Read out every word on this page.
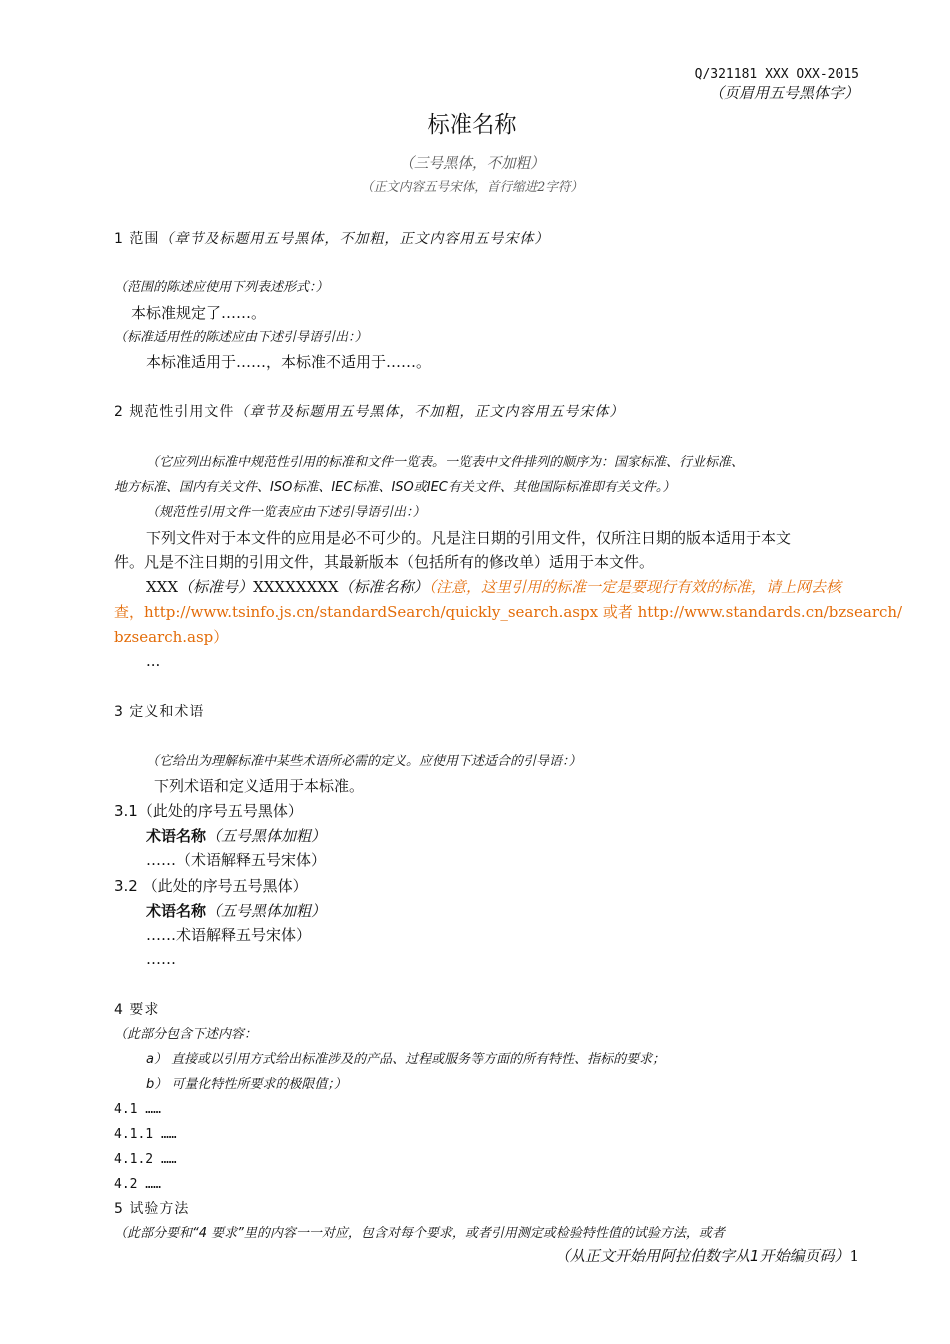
Q/321181 XXX OXX-2015
（页眉用五号黑体字）
标准名称
（三号黑体，不加粗）
（正文内容五号宋体，首行缩进2字符）
1 范围（章节及标题用五号黑体，不加粗，正文内容用五号宋体）
（范围的陈述应使用下列表述形式：）
本标准规定了……。
（标准适用性的陈述应由下述引导语引出：）
本标准适用于……，本标准不适用于……。
2 规范性引用文件（章节及标题用五号黑体，不加粗，正文内容用五号宋体）
（它应列出标准中规范性引用的标准和文件一览表。一览表中文件排列的顺序为：国家标准、行业标准、
地方标准、国内有关文件、ISO标准、IEC标准、ISO或IEC有关文件、其他国际标准即有关文件。）
（规范性引用文件一览表应由下述引导语引出：）
下列文件对于本文件的应用是必不可少的。凡是注日期的引用文件，仅所注日期的版本适用于本文
件。凡是不注日期的引用文件，其最新版本（包括所有的修改单）适用于本文件。
XXX（标准号）XXXXXXXX（标准名称）（注意，这里引用的标准一定是要现行有效的标准，请上网去核
查，http://www.tsinfo.js.cn/standardSearch/quickly_search.aspx 或者 http://www.standards.cn/bzsearch/
bzsearch.asp）
...
3 定义和术语
（它给出为理解标准中某些术语所必需的定义。应使用下述适合的引导语：）
下列术语和定义适用于本标准。
3.1（此处的序号五号黑体）
术语名称（五号黑体加粗）
……（术语解释五号宋体）
3.2 （此处的序号五号黑体）
术语名称（五号黑体加粗）
……术语解释五号宋体）
……
4 要求
（此部分包含下述内容：
a） 直接或以引用方式给出标准涉及的产品、过程或服务等方面的所有特性、指标的要求；
b） 可量化特性所要求的极限值；）
4.1 ……
4.1.1 ……
4.1.2 ……
4.2 ……
5 试验方法
（此部分要和“4 要求”里的内容一一对应，包含对每个要求，或者引用测定或检验特性值的试验方法，或者
（从正文开始用阿拉伯数字从1开始编页码）1
